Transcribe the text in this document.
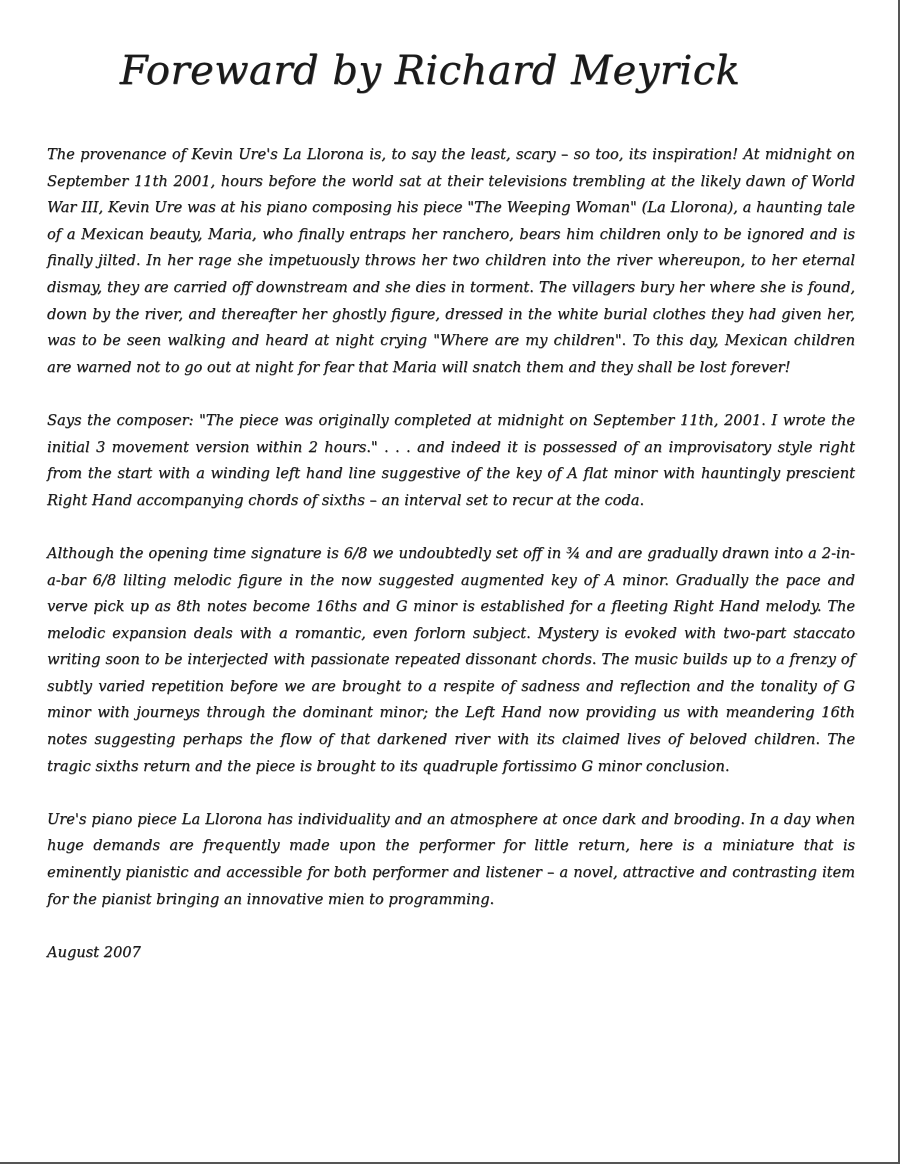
Foreward by Richard Meyrick

The provenance of Kevin Ure's La Llorona is, to say the least, scary – so too, its inspiration! At midnight on September 11th 2001, hours before the world sat at their televisions trembling at the likely dawn of World War III, Kevin Ure was at his piano composing his piece "The Weeping Woman" (La Llorona), a haunting tale of a Mexican beauty, Maria, who finally entraps her ranchero, bears him children only to be ignored and is finally jilted. In her rage she impetuously throws her two children into the river whereupon, to her eternal dismay, they are carried off downstream and she dies in torment. The villagers bury her where she is found, down by the river, and thereafter her ghostly figure, dressed in the white burial clothes they had given her, was to be seen walking and heard at night crying "Where are my children". To this day, Mexican children are warned not to go out at night for fear that Maria will snatch them and they shall be lost forever!

Says the composer: "The piece was originally completed at midnight on September 11th, 2001. I wrote the initial 3 movement version within 2 hours." . . . and indeed it is possessed of an improvisatory style right from the start with a winding left hand line suggestive of the key of A flat minor with hauntingly prescient Right Hand accompanying chords of sixths – an interval set to recur at the coda.

Although the opening time signature is 6/8 we undoubtedly set off in ¾ and are gradually drawn into a 2-in-a-bar 6/8 lilting melodic figure in the now suggested augmented key of A minor. Gradually the pace and verve pick up as 8th notes become 16ths and G minor is established for a fleeting Right Hand melody. The melodic expansion deals with a romantic, even forlorn subject. Mystery is evoked with two-part staccato writing soon to be interjected with passionate repeated dissonant chords. The music builds up to a frenzy of subtly varied repetition before we are brought to a respite of sadness and reflection and the tonality of G minor with journeys through the dominant minor; the Left Hand now providing us with meandering 16th notes suggesting perhaps the flow of that darkened river with its claimed lives of beloved children. The tragic sixths return and the piece is brought to its quadruple fortissimo G minor conclusion.

Ure's piano piece La Llorona has individuality and an atmosphere at once dark and brooding. In a day when huge demands are frequently made upon the performer for little return, here is a miniature that is eminently pianistic and accessible for both performer and listener – a novel, attractive and contrasting item for the pianist bringing an innovative mien to programming.

August 2007
